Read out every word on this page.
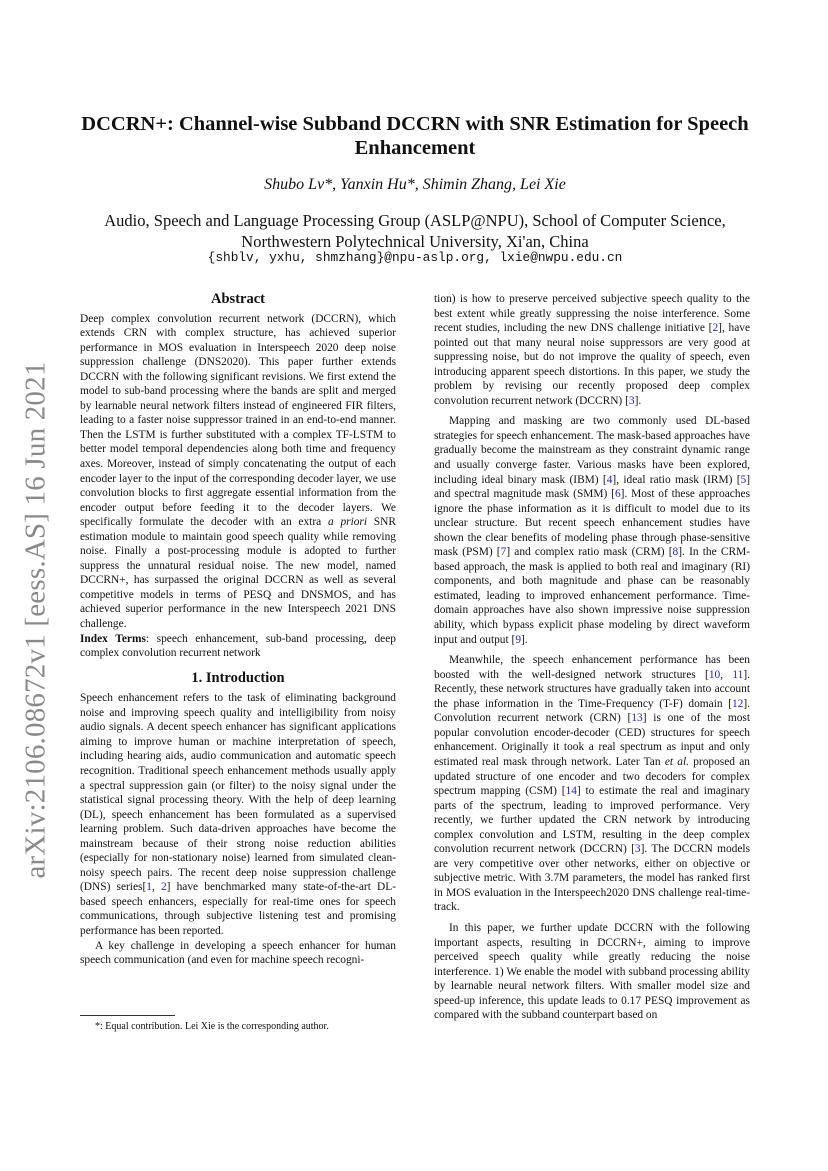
arXiv:2106.08672v1 [eess.AS] 16 Jun 2021
DCCRN+: Channel-wise Subband DCCRN with SNR Estimation for Speech
Enhancement
Shubo Lv*, Yanxin Hu*, Shimin Zhang, Lei Xie
Audio, Speech and Language Processing Group (ASLP@NPU), School of Computer Science,
Northwestern Polytechnical University, Xi'an, China
{shblv, yxhu, shmzhang}@npu-aslp.org, lxie@nwpu.edu.cn
Abstract

Deep complex convolution recurrent network (DCCRN), which extends CRN with complex structure, has achieved superior performance in MOS evaluation in Interspeech 2020 deep noise suppression challenge (DNS2020). This paper further extends DCCRN with the following significant revisions. We first extend the model to sub-band processing where the bands are split and merged by learnable neural network filters instead of engineered FIR filters, leading to a faster noise suppressor trained in an end-to-end manner. Then the LSTM is further substituted with a complex TF-LSTM to better model temporal dependencies along both time and frequency axes. Moreover, instead of simply concatenating the output of each encoder layer to the input of the corresponding decoder layer, we use convolution blocks to first aggregate essential information from the encoder output before feeding it to the decoder layers. We specifically formulate the decoder with an extra a priori SNR estimation module to maintain good speech quality while removing noise. Finally a post-processing module is adopted to further suppress the unnatural residual noise. The new model, named DCCRN+, has surpassed the original DCCRN as well as several competitive models in terms of PESQ and DNSMOS, and has achieved superior performance in the new Interspeech 2021 DNS challenge.

Index Terms: speech enhancement, sub-band processing, deep complex convolution recurrent network

1. Introduction

Speech enhancement refers to the task of eliminating background noise and improving speech quality and intelligibility from noisy audio signals. A decent speech enhancer has significant applications aiming to improve human or machine interpretation of speech, including hearing aids, audio communication and automatic speech recognition. Traditional speech enhancement methods usually apply a spectral suppression gain (or filter) to the noisy signal under the statistical signal processing theory. With the help of deep learning (DL), speech enhancement has been formulated as a supervised learning problem. Such data-driven approaches have become the mainstream because of their strong noise reduction abilities (especially for non-stationary noise) learned from simulated clean-noisy speech pairs. The recent deep noise suppression challenge (DNS) series[1, 2] have benchmarked many state-of-the-art DL-based speech enhancers, especially for real-time ones for speech communications, through subjective listening test and promising performance has been reported.

A key challenge in developing a speech enhancer for human speech communication (and even for machine speech recogni-

tion) is how to preserve perceived subjective speech quality to the best extent while greatly suppressing the noise interference. Some recent studies, including the new DNS challenge initiative [2], have pointed out that many neural noise suppressors are very good at suppressing noise, but do not improve the quality of speech, even introducing apparent speech distortions. In this paper, we study the problem by revising our recently proposed deep complex convolution recurrent network (DCCRN) [3].

Mapping and masking are two commonly used DL-based strategies for speech enhancement. The mask-based approaches have gradually become the mainstream as they constraint dynamic range and usually converge faster. Various masks have been explored, including ideal binary mask (IBM) [4], ideal ratio mask (IRM) [5] and spectral magnitude mask (SMM) [6]. Most of these approaches ignore the phase information as it is difficult to model due to its unclear structure. But recent speech enhancement studies have shown the clear benefits of modeling phase through phase-sensitive mask (PSM) [7] and complex ratio mask (CRM) [8]. In the CRM-based approach, the mask is applied to both real and imaginary (RI) components, and both magnitude and phase can be reasonably estimated, leading to improved enhancement performance. Time-domain approaches have also shown impressive noise suppression ability, which bypass explicit phase modeling by direct waveform input and output [9].

Meanwhile, the speech enhancement performance has been boosted with the well-designed network structures [10, 11]. Recently, these network structures have gradually taken into account the phase information in the Time-Frequency (T-F) domain [12]. Convolution recurrent network (CRN) [13] is one of the most popular convolution encoder-decoder (CED) structures for speech enhancement. Originally it took a real spectrum as input and only estimated real mask through network. Later Tan et al. proposed an updated structure of one encoder and two decoders for complex spectrum mapping (CSM) [14] to estimate the real and imaginary parts of the spectrum, leading to improved performance. Very recently, we further updated the CRN network by introducing complex convolution and LSTM, resulting in the deep complex convolution recurrent network (DCCRN) [3]. The DCCRN models are very competitive over other networks, either on objective or subjective metric. With 3.7M parameters, the model has ranked first in MOS evaluation in the Interspeech2020 DNS challenge real-time-track.

In this paper, we further update DCCRN with the following important aspects, resulting in DCCRN+, aiming to improve perceived speech quality while greatly reducing the noise interference. 1) We enable the model with subband processing ability by learnable neural network filters. With smaller model size and speed-up inference, this update leads to 0.17 PESQ improvement as compared with the subband counterpart based on

*: Equal contribution. Lei Xie is the corresponding author.
